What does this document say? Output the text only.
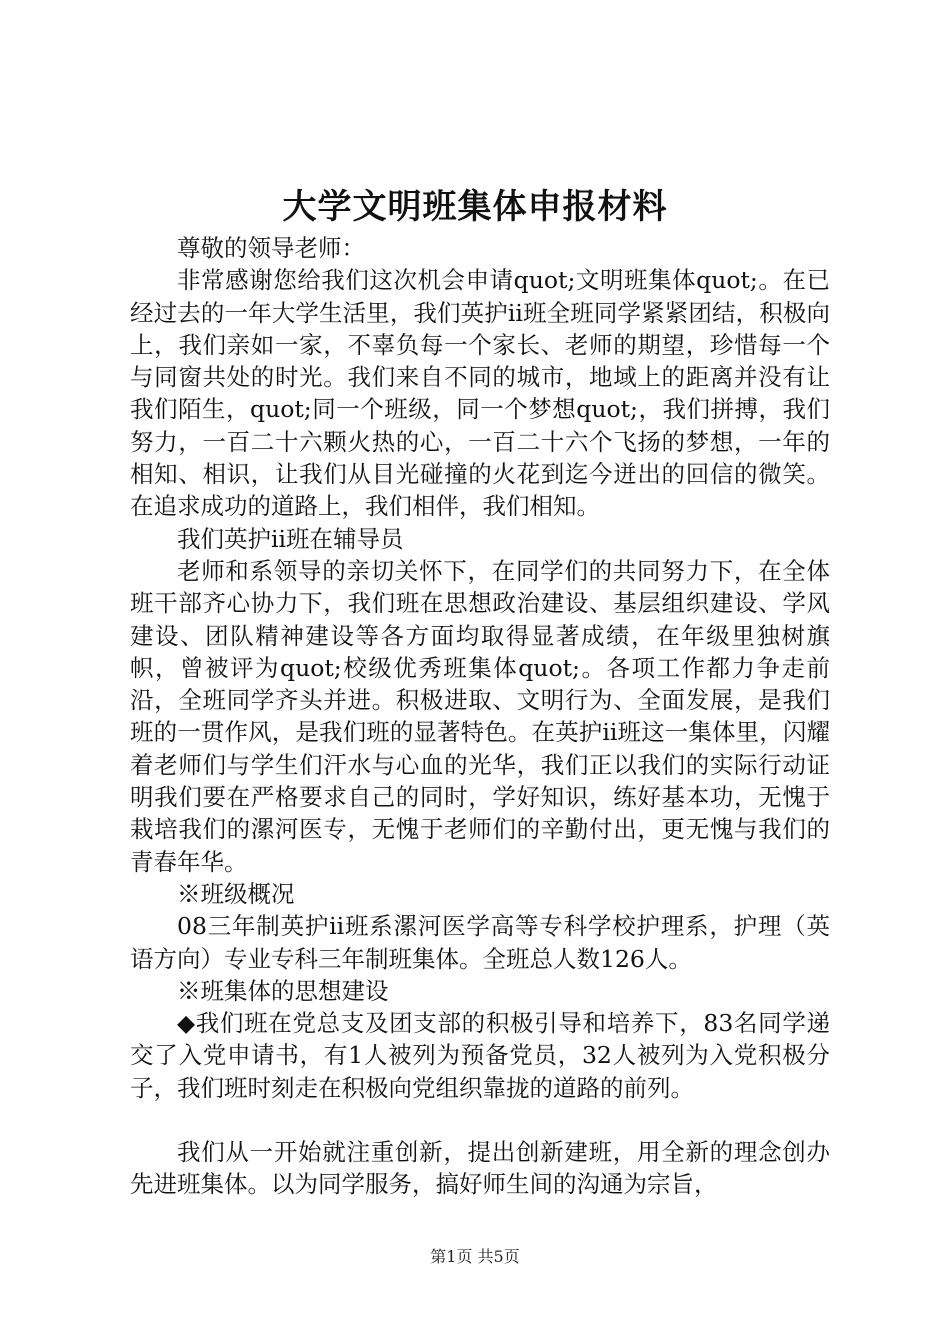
大学文明班集体申报材料

尊敬的领导老师：

非常感谢您给我们这次机会申请quot;文明班集体quot;。在已经过去的一年大学生活里，我们英护ii班全班同学紧紧团结，积极向上，我们亲如一家，不辜负每一个家长、老师的期望，珍惜每一个与同窗共处的时光。我们来自不同的城市，地域上的距离并没有让我们陌生，quot;同一个班级，同一个梦想quot;，我们拼搏，我们努力，一百二十六颗火热的心，一百二十六个飞扬的梦想，一年的相知、相识，让我们从目光碰撞的火花到迄今迸出的回信的微笑。在追求成功的道路上，我们相伴，我们相知。

我们英护ii班在辅导员

老师和系领导的亲切关怀下，在同学们的共同努力下，在全体班干部齐心协力下，我们班在思想政治建设、基层组织建设、学风建设、团队精神建设等各方面均取得显著成绩，在年级里独树旗帜，曾被评为quot;校级优秀班集体quot;。各项工作都力争走前沿，全班同学齐头并进。积极进取、文明行为、全面发展，是我们班的一贯作风，是我们班的显著特色。在英护ii班这一集体里，闪耀着老师们与学生们汗水与心血的光华，我们正以我们的实际行动证明我们要在严格要求自己的同时，学好知识，练好基本功，无愧于栽培我们的漯河医专，无愧于老师们的辛勤付出，更无愧与我们的青春年华。

※班级概况

08三年制英护ii班系漯河医学高等专科学校护理系，护理（英语方向）专业专科三年制班集体。全班总人数126人。

※班集体的思想建设

◆我们班在党总支及团支部的积极引导和培养下，83名同学递交了入党申请书，有1人被列为预备党员，32人被列为入党积极分子，我们班时刻走在积极向党组织靠拢的道路的前列。

我们从一开始就注重创新，提出创新建班，用全新的理念创办先进班集体。以为同学服务，搞好师生间的沟通为宗旨，

第1页 共5页
